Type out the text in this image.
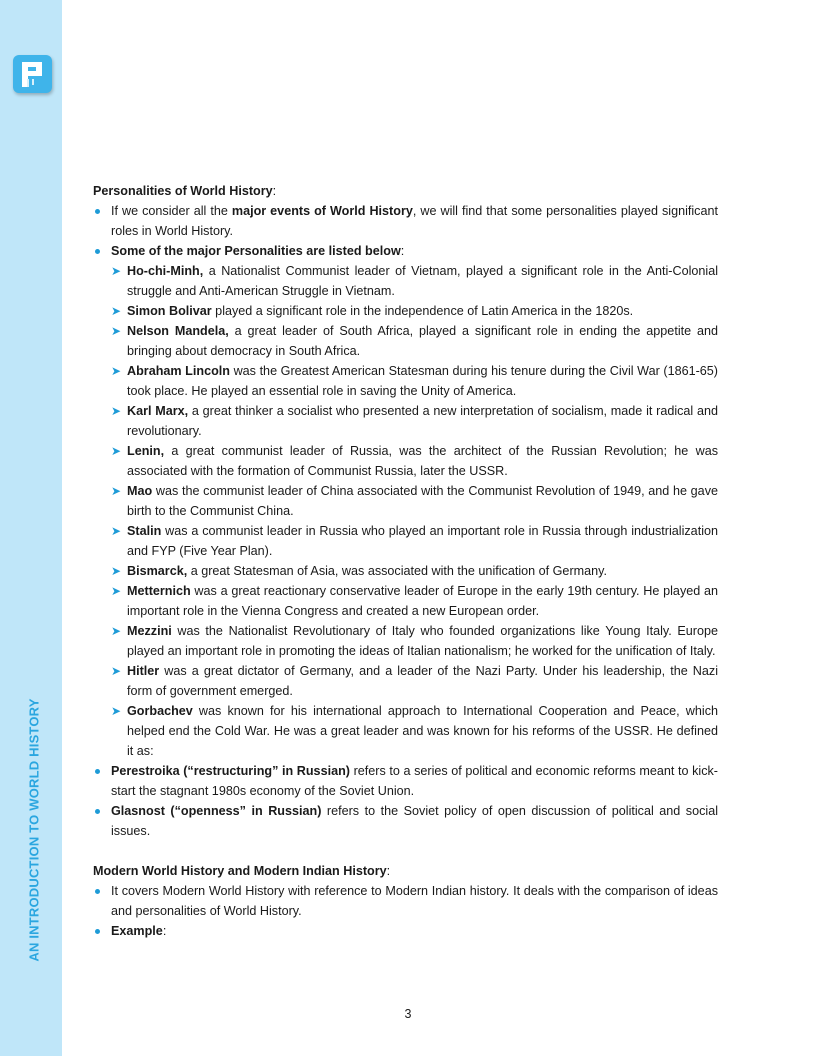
AN INTRODUCTION TO WORLD HISTORY

Personalities of World History:

If we consider all the major events of World History, we will find that some personalities played significant roles in World History.
Some of the major Personalities are listed below:
➤ Ho-chi-Minh, a Nationalist Communist leader of Vietnam, played a significant role in the Anti-Colonial struggle and Anti-American Struggle in Vietnam.
➤ Simon Bolivar played a significant role in the independence of Latin America in the 1820s.
➤ Nelson Mandela, a great leader of South Africa, played a significant role in ending the appetite and bringing about democracy in South Africa.
➤ Abraham Lincoln was the Greatest American Statesman during his tenure during the Civil War (1861-65) took place. He played an essential role in saving the Unity of America.
➤ Karl Marx, a great thinker a socialist who presented a new interpretation of socialism, made it radical and revolutionary.
➤ Lenin, a great communist leader of Russia, was the architect of the Russian Revolution; he was associated with the formation of Communist Russia, later the USSR.
➤ Mao was the communist leader of China associated with the Communist Revolution of 1949, and he gave birth to the Communist China.
➤ Stalin was a communist leader in Russia who played an important role in Russia through industrialization and FYP (Five Year Plan).
➤ Bismarck, a great Statesman of Asia, was associated with the unification of Germany.
➤ Metternich was a great reactionary conservative leader of Europe in the early 19th century. He played an important role in the Vienna Congress and created a new European order.
➤ Mezzini was the Nationalist Revolutionary of Italy who founded organizations like Young Italy. Europe played an important role in promoting the ideas of Italian nationalism; he worked for the unification of Italy.
➤ Hitler was a great dictator of Germany, and a leader of the Nazi Party. Under his leadership, the Nazi form of government emerged.
➤ Gorbachev was known for his international approach to International Cooperation and Peace, which helped end the Cold War. He was a great leader and was known for his reforms of the USSR. He defined it as:
Perestroika (“restructuring” in Russian) refers to a series of political and economic reforms meant to kick-start the stagnant 1980s economy of the Soviet Union.
Glasnost (“openness” in Russian) refers to the Soviet policy of open discussion of political and social issues.

Modern World History and Modern Indian History:

It covers Modern World History with reference to Modern Indian history. It deals with the comparison of ideas and personalities of World History.
Example:
3
